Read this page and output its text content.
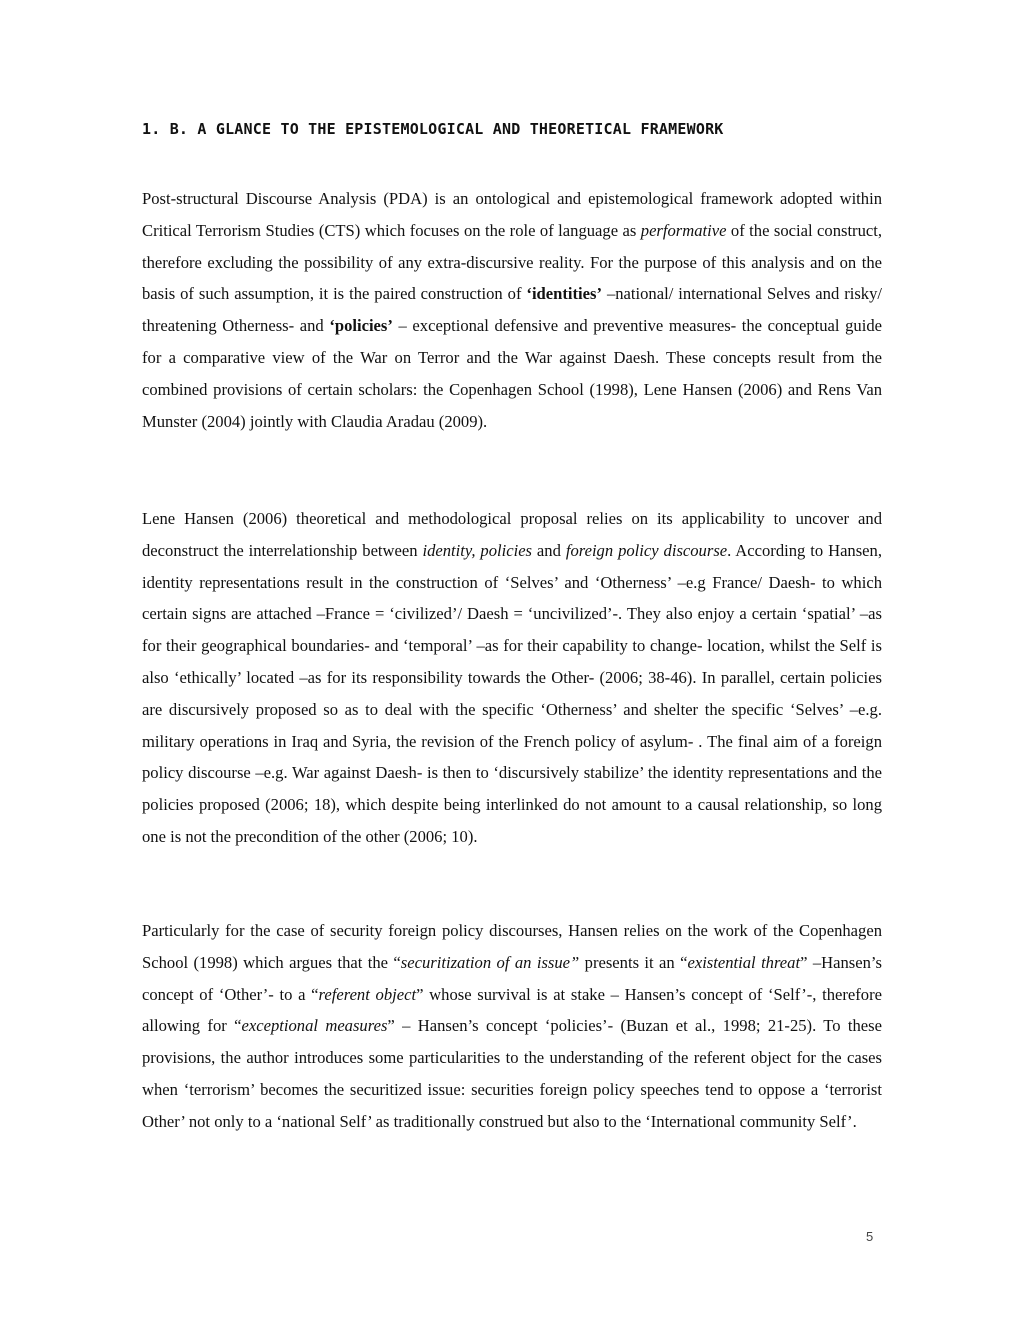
1. B. A GLANCE TO THE EPISTEMOLOGICAL AND THEORETICAL FRAMEWORK

Post-structural Discourse Analysis (PDA) is an ontological and epistemological framework adopted within Critical Terrorism Studies (CTS) which focuses on the role of language as performative of the social construct, therefore excluding the possibility of any extra-discursive reality. For the purpose of this analysis and on the basis of such assumption, it is the paired construction of ‘identities’ –national/ international Selves and risky/ threatening Otherness- and ‘policies’ – exceptional defensive and preventive measures- the conceptual guide for a comparative view of the War on Terror and the War against Daesh. These concepts result from the combined provisions of certain scholars: the Copenhagen School (1998), Lene Hansen (2006) and Rens Van Munster (2004) jointly with Claudia Aradau (2009).

Lene Hansen (2006) theoretical and methodological proposal relies on its applicability to uncover and deconstruct the interrelationship between identity, policies and foreign policy discourse. According to Hansen, identity representations result in the construction of ‘Selves’ and ‘Otherness’ –e.g France/ Daesh- to which certain signs are attached –France = ‘civilized’/ Daesh = ‘uncivilized’-. They also enjoy a certain ‘spatial’ –as for their geographical boundaries- and ‘temporal’ –as for their capability to change- location, whilst the Self is also ‘ethically’ located –as for its responsibility towards the Other- (2006; 38-46). In parallel, certain policies are discursively proposed so as to deal with the specific ‘Otherness’ and shelter the specific ‘Selves’ –e.g. military operations in Iraq and Syria, the revision of the French policy of asylum- . The final aim of a foreign policy discourse –e.g. War against Daesh- is then to ‘discursively stabilize’ the identity representations and the policies proposed (2006; 18), which despite being interlinked do not amount to a causal relationship, so long one is not the precondition of the other (2006; 10).

Particularly for the case of security foreign policy discourses, Hansen relies on the work of the Copenhagen School (1998) which argues that the “securitization of an issue” presents it an “existential threat” –Hansen’s concept of ‘Other’- to a “referent object” whose survival is at stake – Hansen’s concept of ‘Self’-, therefore allowing for “exceptional measures” – Hansen’s concept ‘policies’- (Buzan et al., 1998; 21-25). To these provisions, the author introduces some particularities to the understanding of the referent object for the cases when ‘terrorism’ becomes the securitized issue: securities foreign policy speeches tend to oppose a ‘terrorist Other’ not only to a ‘national Self’ as traditionally construed but also to the ‘International community Self’.

5
